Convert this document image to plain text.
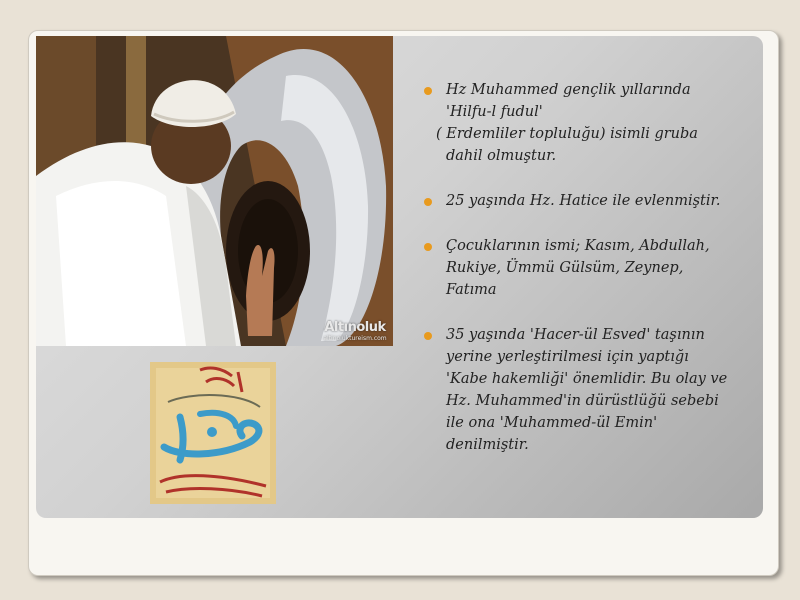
Altınoluk
altinoluktureism.com
Hz Muhammed gençlik yıllarında
'Hilfu-l fudul'
( Erdemliler topluluğu) isimli gruba
dahil olmuştur.
25 yaşında Hz. Hatice ile evlenmiştir.
Çocuklarının ismi; Kasım, Abdullah,
Rukiye, Ümmü Gülsüm, Zeynep,
Fatıma
35 yaşında 'Hacer-ül Esved' taşının
yerine yerleştirilmesi için yaptığı
'Kabe hakemliği' önemlidir. Bu olay ve
Hz. Muhammed'in dürüstlüğü sebebi
ile ona 'Muhammed-ül Emin'
denilmiştir.
